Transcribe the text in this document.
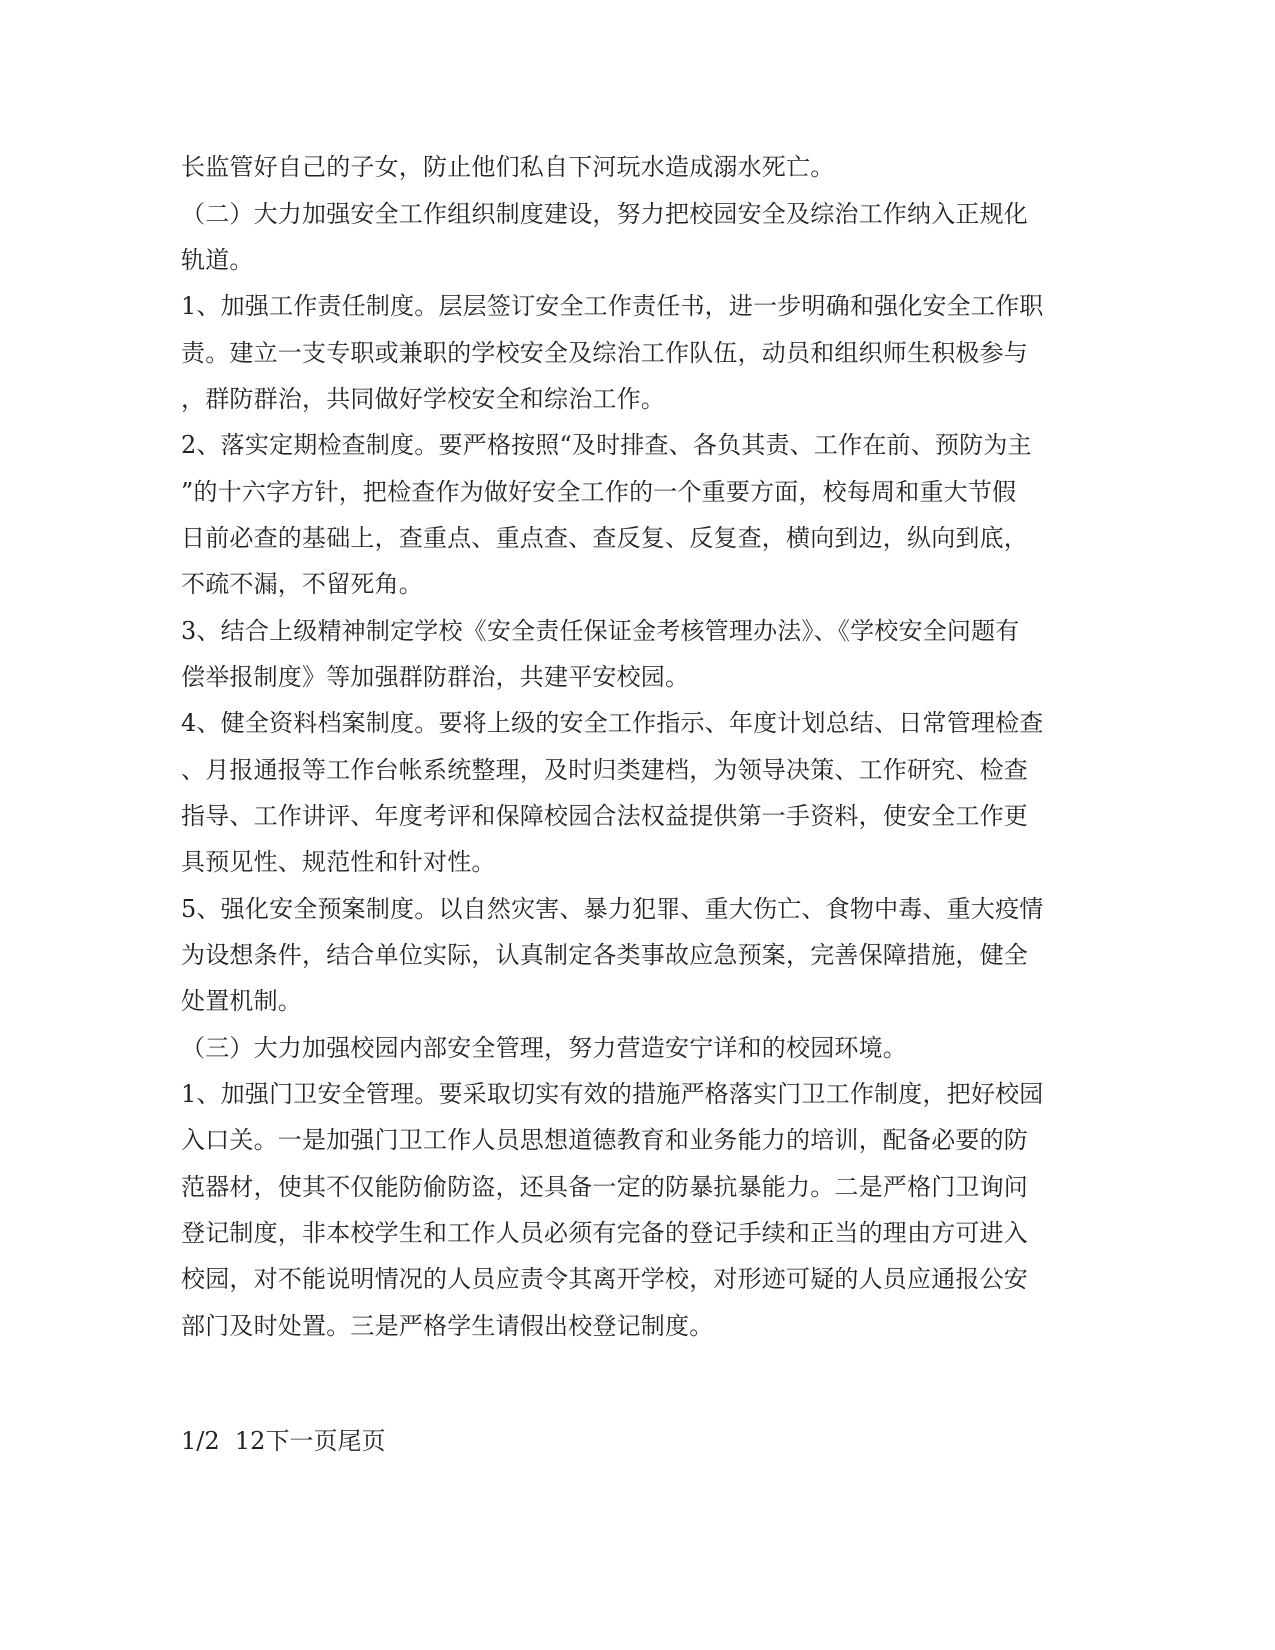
长监管好自己的子女，防止他们私自下河玩水造成溺水死亡。
（二）大力加强安全工作组织制度建设，努力把校园安全及综治工作纳入正规化
轨道。
1、加强工作责任制度。层层签订安全工作责任书，进一步明确和强化安全工作职
责。建立一支专职或兼职的学校安全及综治工作队伍，动员和组织师生积极参与
，群防群治，共同做好学校安全和综治工作。
2、落实定期检查制度。要严格按照“及时排查、各负其责、工作在前、预防为主
”的十六字方针，把检查作为做好安全工作的一个重要方面，校每周和重大节假
日前必查的基础上，查重点、重点查、查反复、反复查，横向到边，纵向到底，
不疏不漏，不留死角。
3、结合上级精神制定学校《安全责任保证金考核管理办法》、《学校安全问题有
偿举报制度》等加强群防群治，共建平安校园。
4、健全资料档案制度。要将上级的安全工作指示、年度计划总结、日常管理检查
、月报通报等工作台帐系统整理，及时归类建档，为领导决策、工作研究、检查
指导、工作讲评、年度考评和保障校园合法权益提供第一手资料，使安全工作更
具预见性、规范性和针对性。
5、强化安全预案制度。以自然灾害、暴力犯罪、重大伤亡、食物中毒、重大疫情
为设想条件，结合单位实际，认真制定各类事故应急预案，完善保障措施，健全
处置机制。
（三）大力加强校园内部安全管理，努力营造安宁详和的校园环境。
1、加强门卫安全管理。要采取切实有效的措施严格落实门卫工作制度，把好校园
入口关。一是加强门卫工作人员思想道德教育和业务能力的培训，配备必要的防
范器材，使其不仅能防偷防盗，还具备一定的防暴抗暴能力。二是严格门卫询问
登记制度，非本校学生和工作人员必须有完备的登记手续和正当的理由方可进入
校园，对不能说明情况的人员应责令其离开学校，对形迹可疑的人员应通报公安
部门及时处置。三是严格学生请假出校登记制度。
1/2 12下一页尾页
